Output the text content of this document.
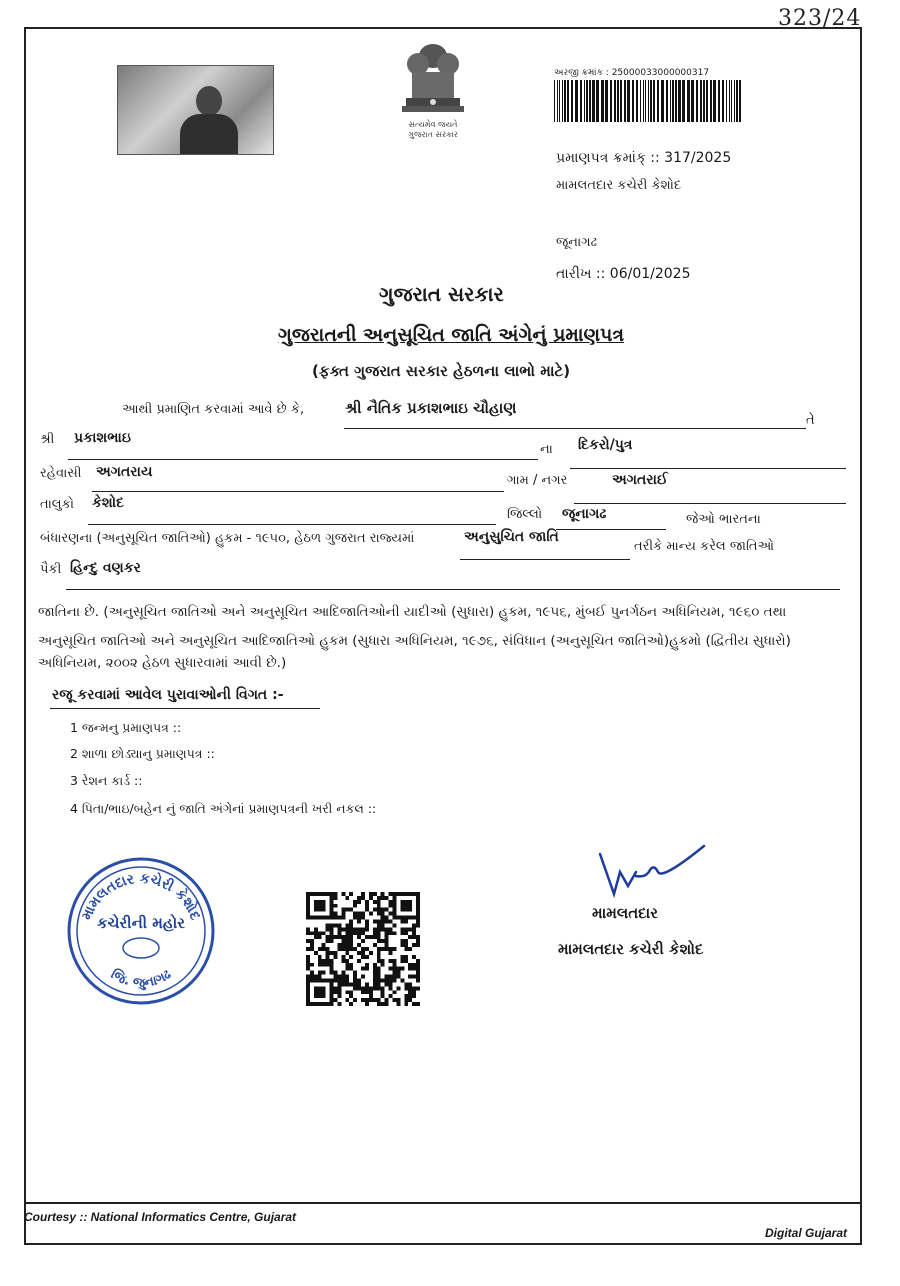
323/24
સત્યમેવ જયતે
ગુજરાત સરકાર
અરજી ક્રમાંક : 25000033000000317
પ્રમાણપત્ર ક્રમાંક્ :: 317/2025
મામલતદાર કચેરી કેશોદ
જૂનાગઢ
તારીખ :: 06/01/2025
ગુજરાત સરકાર
ગુજરાતની અનુસૂચિત જાતિ અંગેનું પ્રમાણપત્ર
(ફક્ત ગુજરાત સરકાર હેઠળના લાભો માટે)
આથી પ્રમાણિત કરવામાં આવે છે કે,	શ્રી નૈતિક પ્રકાશભાઇ ચૌહાણ
તે
શ્રી પ્રકાશભાઇ
ના દિકરો/પુત્ર
રહેવાસી અગતરાય
ગામ / નગર	અગતરાઈ
તાલુકો કેશોદ
જિલ્લો જૂનાગઢ	જેઓ ભારતના
બંધારણના (અનુસૂચિત જાતિઓ) હુકમ - ૧૯૫૦, હેઠળ ગુજરાત રાજ્યમાં	અનુસુચિત જાતિ
તરીકે માન્ય કરેલ જાતિઓ
પૈકી હિન્દુ વણકર
જાતિના છે. (અનુસૂચિત જાતિઓ અને અનુસૂચિત આદિજાતિઓની યાદીઓ (સુધારા) હુકમ, ૧૯૫૬, મુંબઈ પુનર્ગઠન અધિનિયમ, ૧૯૬૦ તથા
અનુસૂચિત જાતિઓ અને અનુસૂચિત આદિજાતિઓ હુકમ (સુધારા અધિનિયમ, ૧૯૭૬, સંવિધાન (અનુસૂચિત જાતિઓ)હુકમો (દ્વિતીય સુધારો)
અધિનિયમ, ૨૦૦૨ હેઠળ સુધારવામાં આવી છે.)
રજૂ કરવામાં આવેલ પુરાવાઓની વિગત :-
1 જન્મનુ પ્રમાણપત્ર ::
2 શાળા છોડ્યાનુ પ્રમાણપત્ર ::
3 રેશન કાર્ડ ::
4 પિતા/ભાઇ/બહેન નું જાતિ અંગેનાં પ્રમાણપત્રની ખરી નકલ ::
મામલતદાર કચેરી કેશોદ
કચેરીની મહોર
જિ. જુનાગઢ
મામલતદાર
મામલતદાર કચેરી કેશોદ
Courtesy :: National Informatics Centre, Gujarat
Digital Gujarat
